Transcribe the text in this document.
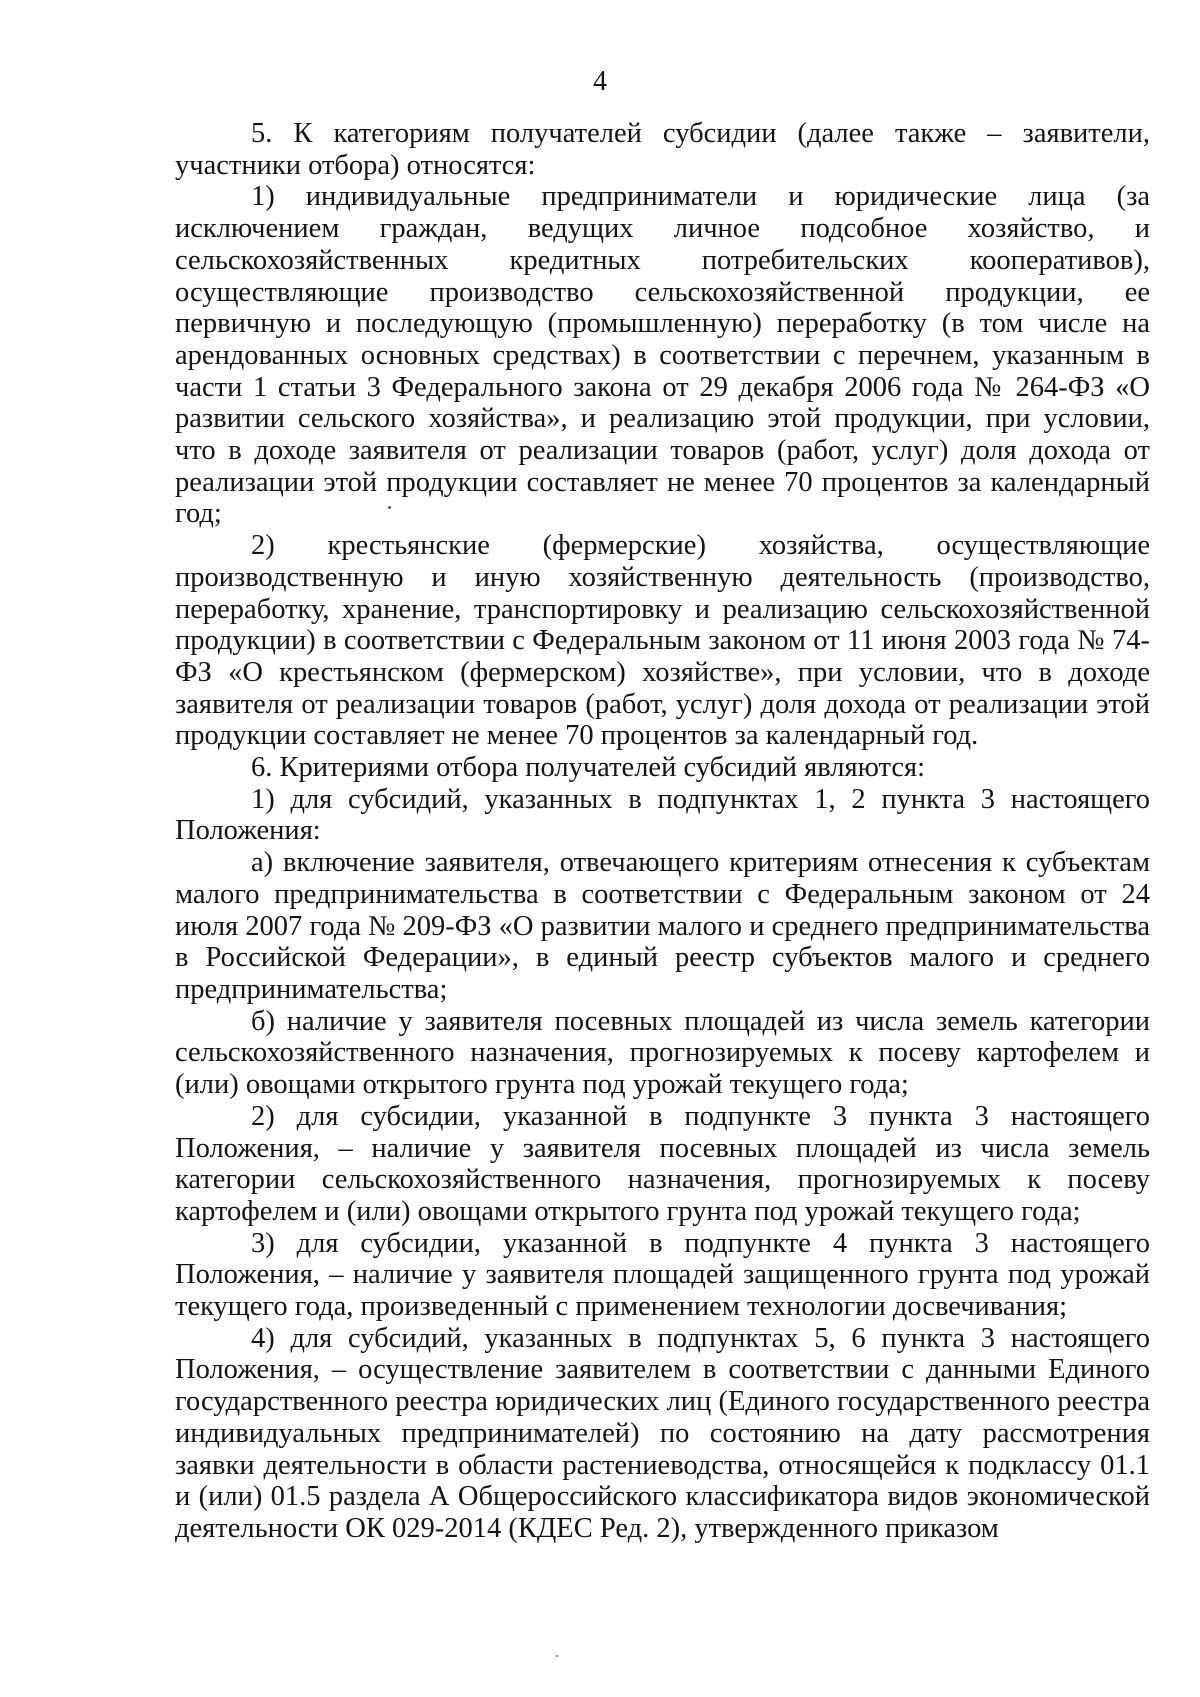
4

5. К категориям получателей субсидии (далее также – заявители, участники отбора) относятся:

1) индивидуальные предприниматели и юридические лица (за исключением граждан, ведущих личное подсобное хозяйство, и сельскохозяйственных кредитных потребительских кооперативов), осуществляющие производство сельскохозяйственной продукции, ее первичную и последующую (промышленную) переработку (в том числе на арендованных основных средствах) в соответствии с перечнем, указанным в части 1 статьи 3 Федерального закона от 29 декабря 2006 года № 264-ФЗ «О развитии сельского хозяйства», и реализацию этой продукции, при условии, что в доходе заявителя от реализации товаров (работ, услуг) доля дохода от реализации этой продукции составляет не менее 70 процентов за календарный год;

2) крестьянские (фермерские) хозяйства, осуществляющие производственную и иную хозяйственную деятельность (производство, переработку, хранение, транспортировку и реализацию сельскохозяйственной продукции) в соответствии с Федеральным законом от 11 июня 2003 года № 74-ФЗ «О крестьянском (фермерском) хозяйстве», при условии, что в доходе заявителя от реализации товаров (работ, услуг) доля дохода от реализации этой продукции составляет не менее 70 процентов за календарный год.

6. Критериями отбора получателей субсидий являются:

1) для субсидий, указанных в подпунктах 1, 2 пункта 3 настоящего Положения:

а) включение заявителя, отвечающего критериям отнесения к субъектам малого предпринимательства в соответствии с Федеральным законом от 24 июля 2007 года № 209-ФЗ «О развитии малого и среднего предпринимательства в Российской Федерации», в единый реестр субъектов малого и среднего предпринимательства;

б) наличие у заявителя посевных площадей из числа земель категории сельскохозяйственного назначения, прогнозируемых к посеву картофелем и (или) овощами открытого грунта под урожай текущего года;

2) для субсидии, указанной в подпункте 3 пункта 3 настоящего Положения, – наличие у заявителя посевных площадей из числа земель категории сельскохозяйственного назначения, прогнозируемых к посеву картофелем и (или) овощами открытого грунта под урожай текущего года;

3) для субсидии, указанной в подпункте 4 пункта 3 настоящего Положения, – наличие у заявителя площадей защищенного грунта под урожай текущего года, произведенный с применением технологии досвечивания;

4) для субсидий, указанных в подпунктах 5, 6 пункта 3 настоящего Положения, – осуществление заявителем в соответствии с данными Единого государственного реестра юридических лиц (Единого государственного реестра индивидуальных предпринимателей) по состоянию на дату рассмотрения заявки деятельности в области растениеводства, относящейся к подклассу 01.1 и (или) 01.5 раздела А Общероссийского классификатора видов экономической деятельности ОК 029-2014 (КДЕС Ред. 2), утвержденного приказом
